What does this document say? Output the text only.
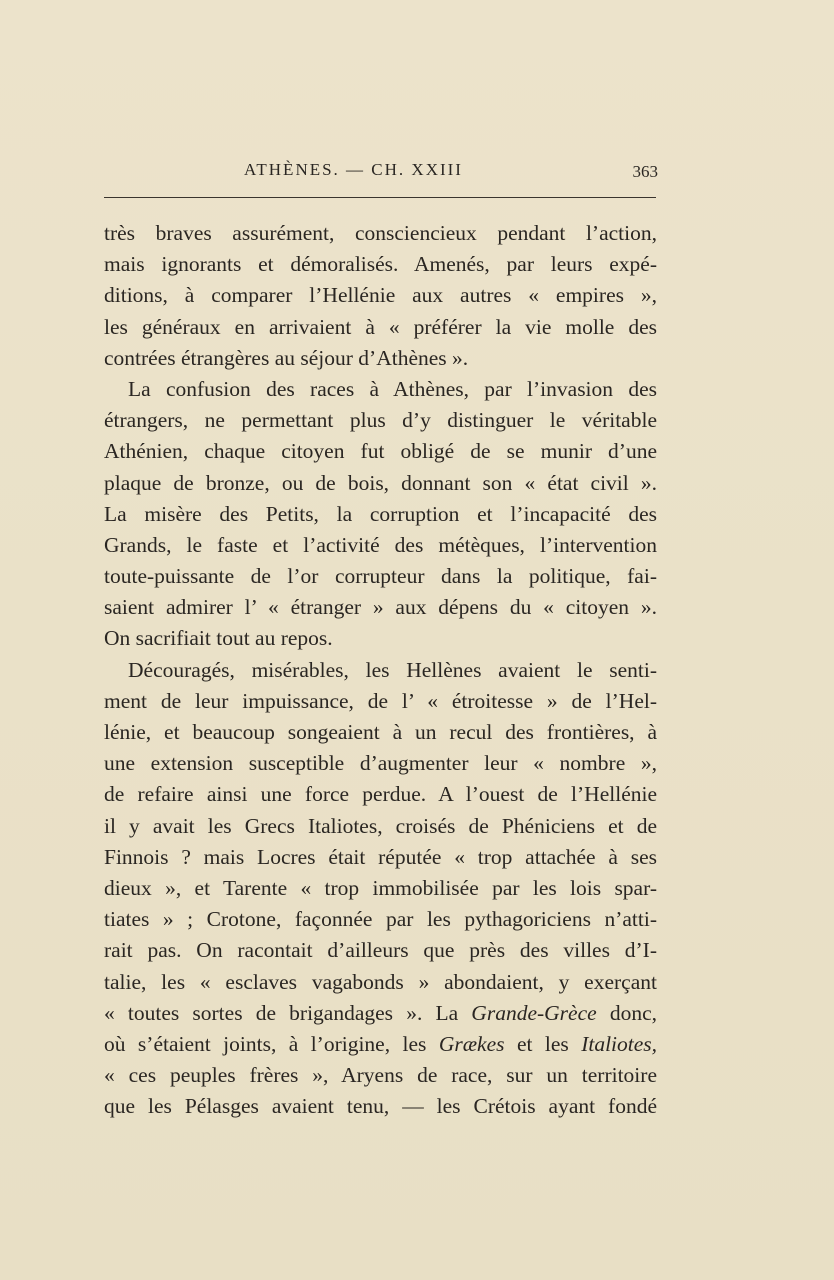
ATHÈNES. — CH. XXIII	363
très braves assurément, consciencieux pendant l’action,
mais ignorants et démoralisés. Amenés, par leurs expé-
ditions, à comparer l’Hellénie aux autres « empires »,
les généraux en arrivaient à « préférer la vie molle des
contrées étrangères au séjour d’Athènes ».
La confusion des races à Athènes, par l’invasion des
étrangers, ne permettant plus d’y distinguer le véritable
Athénien, chaque citoyen fut obligé de se munir d’une
plaque de bronze, ou de bois, donnant son « état civil ».
La misère des Petits, la corruption et l’incapacité des
Grands, le faste et l’activité des métèques, l’intervention
toute-puissante de l’or corrupteur dans la politique, fai-
saient admirer l’ « étranger » aux dépens du « citoyen ».
On sacrifiait tout au repos.
Découragés, misérables, les Hellènes avaient le senti-
ment de leur impuissance, de l’ « étroitesse » de l’Hel-
lénie, et beaucoup songeaient à un recul des frontières, à
une extension susceptible d’augmenter leur « nombre »,
de refaire ainsi une force perdue. A l’ouest de l’Hellénie
il y avait les Grecs Italiotes, croisés de Phéniciens et de
Finnois ? mais Locres était réputée « trop attachée à ses
dieux », et Tarente « trop immobilisée par les lois spar-
tiates » ; Crotone, façonnée par les pythagoriciens n’atti-
rait pas. On racontait d’ailleurs que près des villes d’I-
talie, les « esclaves vagabonds » abondaient, y exerçant
« toutes sortes de brigandages ». La Grande-Grèce donc,
où s’étaient joints, à l’origine, les Grækes et les Italiotes,
« ces peuples frères », Aryens de race, sur un territoire
que les Pélasges avaient tenu, — les Crétois ayant fondé
